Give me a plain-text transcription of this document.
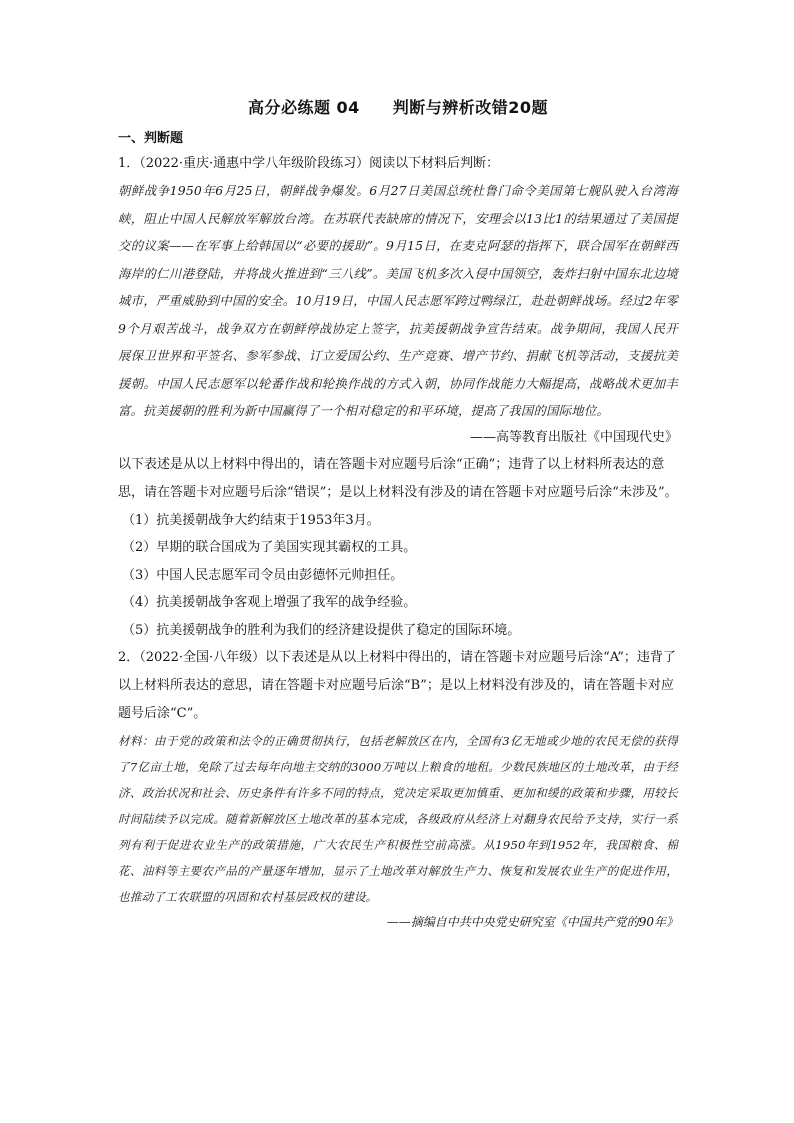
高分必练题 04　　判断与辨析改错20题
一、判断题

1．（2022·重庆·通惠中学八年级阶段练习）阅读以下材料后判断：

朝鲜战争1950年6月25日，朝鲜战争爆发。6月27日美国总统杜鲁门命令美国第七舰队驶入台湾海峡，阻止中国人民解放军解放台湾。在苏联代表缺席的情况下，安理会以13比1的结果通过了美国提交的议案——在军事上给韩国以“必要的援助”。9月15日，在麦克阿瑟的指挥下，联合国军在朝鲜西海岸的仁川港登陆，并将战火推进到“三八线”。美国飞机多次入侵中国领空，轰炸扫射中国东北边境城市，严重威胁到中国的安全。10月19日，中国人民志愿军跨过鸭绿江，赴赴朝鲜战场。经过2年零9个月艰苦战斗，战争双方在朝鲜停战协定上签字，抗美援朝战争宣告结束。战争期间，我国人民开展保卫世界和平签名、参军参战、订立爱国公约、生产竞赛、增产节约、捐献飞机等活动，支援抗美援朝。中国人民志愿军以轮番作战和轮换作战的方式入朝，协同作战能力大幅提高，战略战术更加丰富。抗美援朝的胜利为新中国赢得了一个相对稳定的和平环境，提高了我国的国际地位。

——高等教育出版社《中国现代史》

以下表述是从以上材料中得出的，请在答题卡对应题号后涂“正确”；违背了以上材料所表达的意思，请在答题卡对应题号后涂“错误”；是以上材料没有涉及的请在答题卡对应题号后涂“未涉及”。

（1）抗美援朝战争大约结束于1953年3月。
（2）早期的联合国成为了美国实现其霸权的工具。
（3）中国人民志愿军司令员由彭德怀元帅担任。
（4）抗美援朝战争客观上增强了我军的战争经验。
（5）抗美援朝战争的胜利为我们的经济建设提供了稳定的国际环境。

2．（2022·全国·八年级）以下表述是从以上材料中得出的，请在答题卡对应题号后涂“A”；违背了以上材料所表达的意思，请在答题卡对应题号后涂“B”；是以上材料没有涉及的，请在答题卡对应题号后涂“C”。

材料：由于党的政策和法令的正确贯彻执行，包括老解放区在内，全国有3亿无地或少地的农民无偿的获得了7亿亩土地，免除了过去每年向地主交纳的3000万吨以上粮食的地租。少数民族地区的土地改革，由于经济、政治状况和社会、历史条件有许多不同的特点，党决定采取更加慎重、更加和缓的政策和步骤，用较长时间陆续予以完成。随着新解放区土地改革的基本完成，各级政府从经济上对翻身农民给予支持，实行一系列有利于促进农业生产的政策措施，广大农民生产积极性空前高涨。从1950年到1952年，我国粮食、棉花、油料等主要农产品的产量逐年增加，显示了土地改革对解放生产力、恢复和发展农业生产的促进作用，也推动了工农联盟的巩固和农村基层政权的建设。

——摘编自中共中央党史研究室《中国共产党的90年》
